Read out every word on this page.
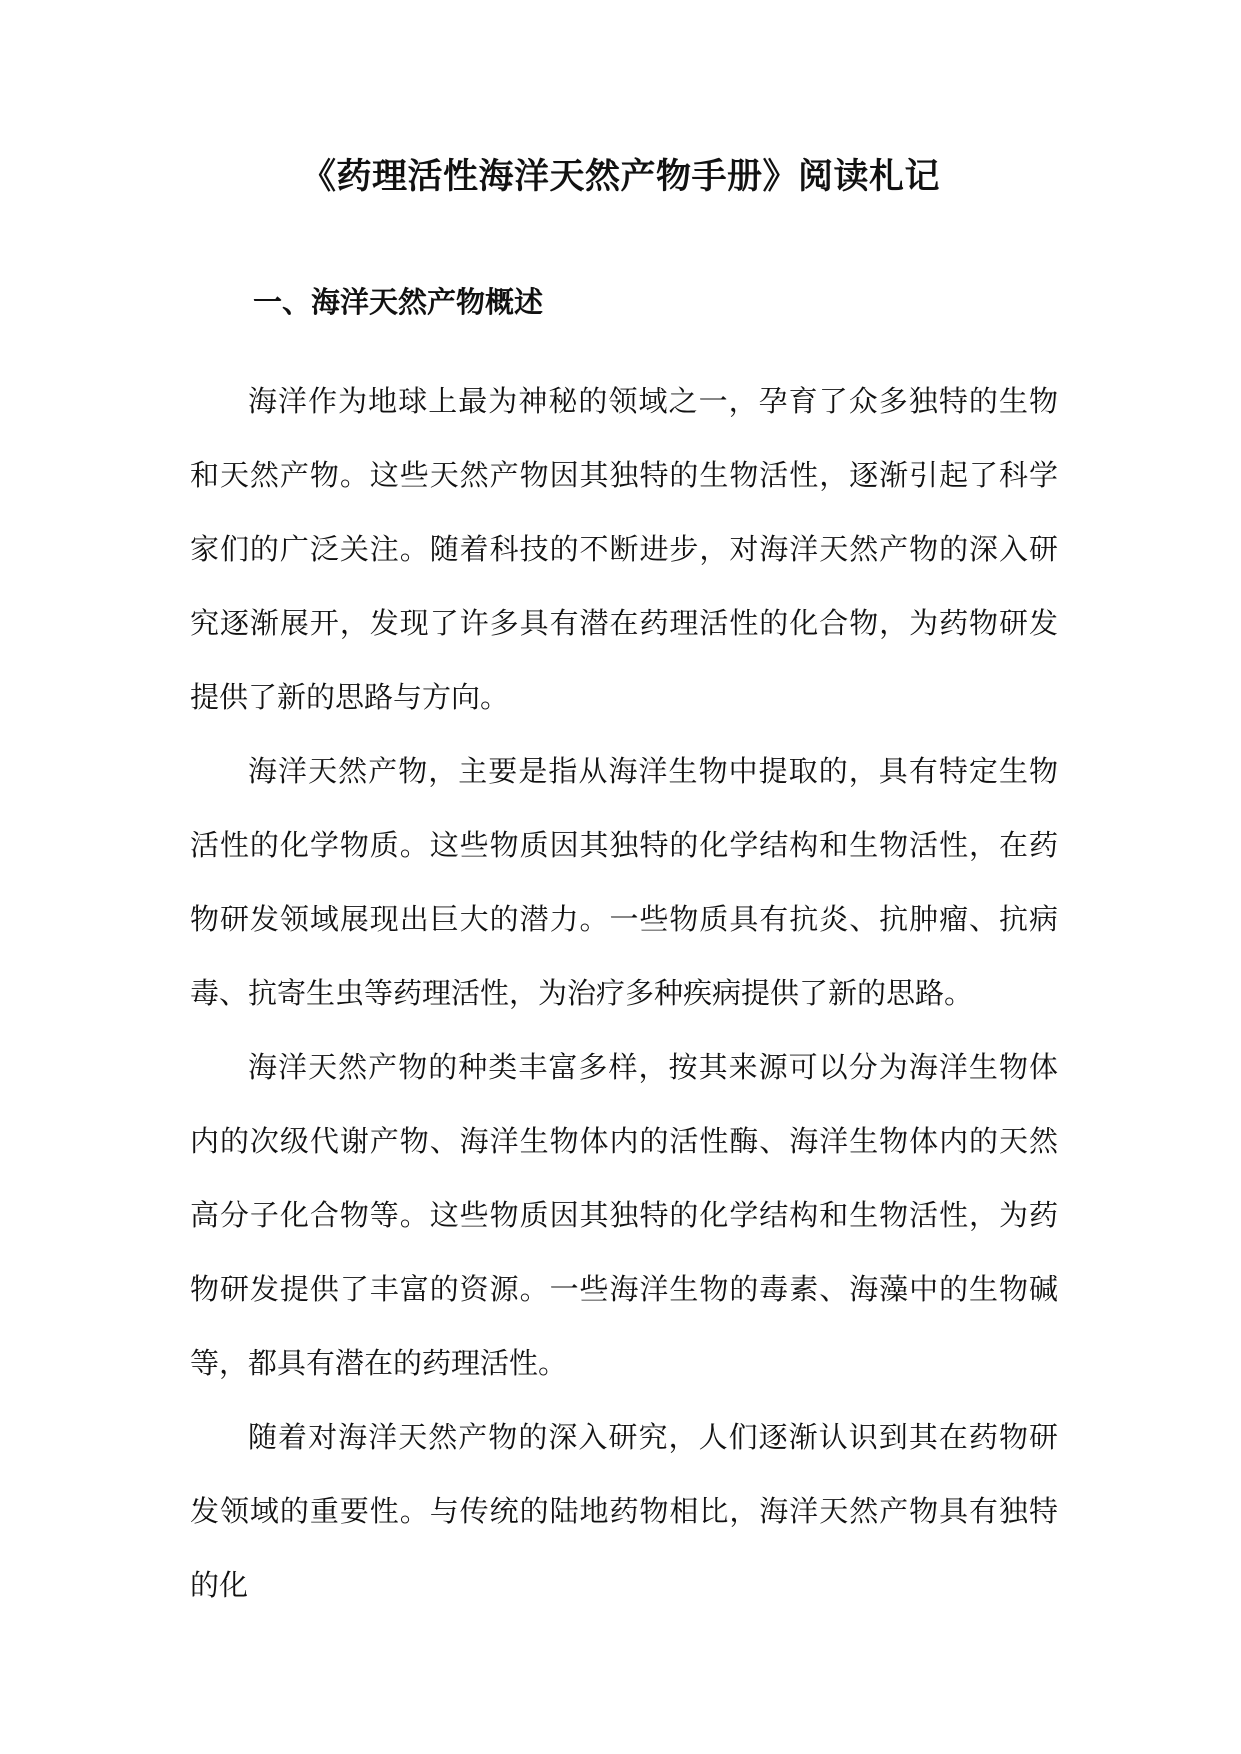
《药理活性海洋天然产物手册》阅读札记
一、海洋天然产物概述

海洋作为地球上最为神秘的领域之一，孕育了众多独特的生物和天然产物。这些天然产物因其独特的生物活性，逐渐引起了科学家们的广泛关注。随着科技的不断进步，对海洋天然产物的深入研究逐渐展开，发现了许多具有潜在药理活性的化合物，为药物研发提供了新的思路与方向。

海洋天然产物，主要是指从海洋生物中提取的，具有特定生物活性的化学物质。这些物质因其独特的化学结构和生物活性，在药物研发领域展现出巨大的潜力。一些物质具有抗炎、抗肿瘤、抗病毒、抗寄生虫等药理活性，为治疗多种疾病提供了新的思路。

海洋天然产物的种类丰富多样，按其来源可以分为海洋生物体内的次级代谢产物、海洋生物体内的活性酶、海洋生物体内的天然高分子化合物等。这些物质因其独特的化学结构和生物活性，为药物研发提供了丰富的资源。一些海洋生物的毒素、海藻中的生物碱等，都具有潜在的药理活性。

随着对海洋天然产物的深入研究，人们逐渐认识到其在药物研发领域的重要性。与传统的陆地药物相比，海洋天然产物具有独特的化
